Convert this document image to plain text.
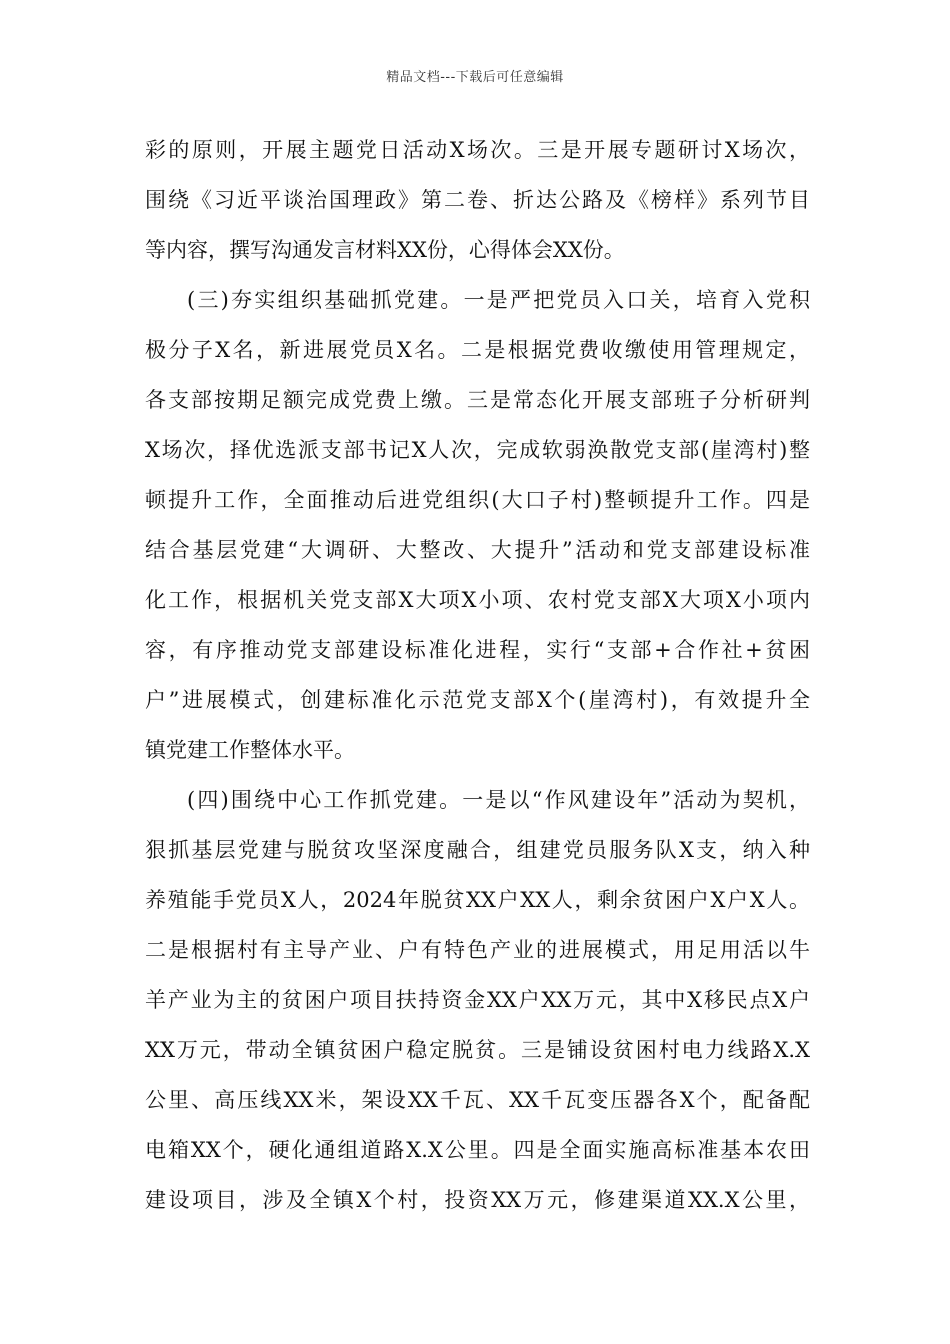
精品文档---下载后可任意编辑
彩的原则，开展主题党日活动X场次。三是开展专题研讨X场次，
围绕《习近平谈治国理政》第二卷、折达公路及《榜样》系列节目
等内容，撰写沟通发言材料XX份，心得体会XX份。
(三)夯实组织基础抓党建。一是严把党员入口关，培育入党积
极分子X名，新进展党员X名。二是根据党费收缴使用管理规定，
各支部按期足额完成党费上缴。三是常态化开展支部班子分析研判
X场次，择优选派支部书记X人次，完成软弱涣散党支部(崖湾村)整
顿提升工作，全面推动后进党组织(大口子村)整顿提升工作。四是
结合基层党建“大调研、大整改、大提升”活动和党支部建设标准
化工作，根据机关党支部X大项X小项、农村党支部X大项X小项内
容，有序推动党支部建设标准化进程，实行“支部+合作社+贫困
户”进展模式，创建标准化示范党支部X个(崖湾村)，有效提升全
镇党建工作整体水平。
(四)围绕中心工作抓党建。一是以“作风建设年”活动为契机，
狠抓基层党建与脱贫攻坚深度融合，组建党员服务队X支，纳入种
养殖能手党员X人，2024年脱贫XX户XX人，剩余贫困户X户X人。
二是根据村有主导产业、户有特色产业的进展模式，用足用活以牛
羊产业为主的贫困户项目扶持资金XX户XX万元，其中X移民点X户
XX万元，带动全镇贫困户稳定脱贫。三是铺设贫困村电力线路X.X
公里、高压线XX米，架设XX千瓦、XX千瓦变压器各X个，配备配
电箱XX个，硬化通组道路X.X公里。四是全面实施高标准基本农田
建设项目，涉及全镇X个村，投资XX万元，修建渠道XX.X公里，
